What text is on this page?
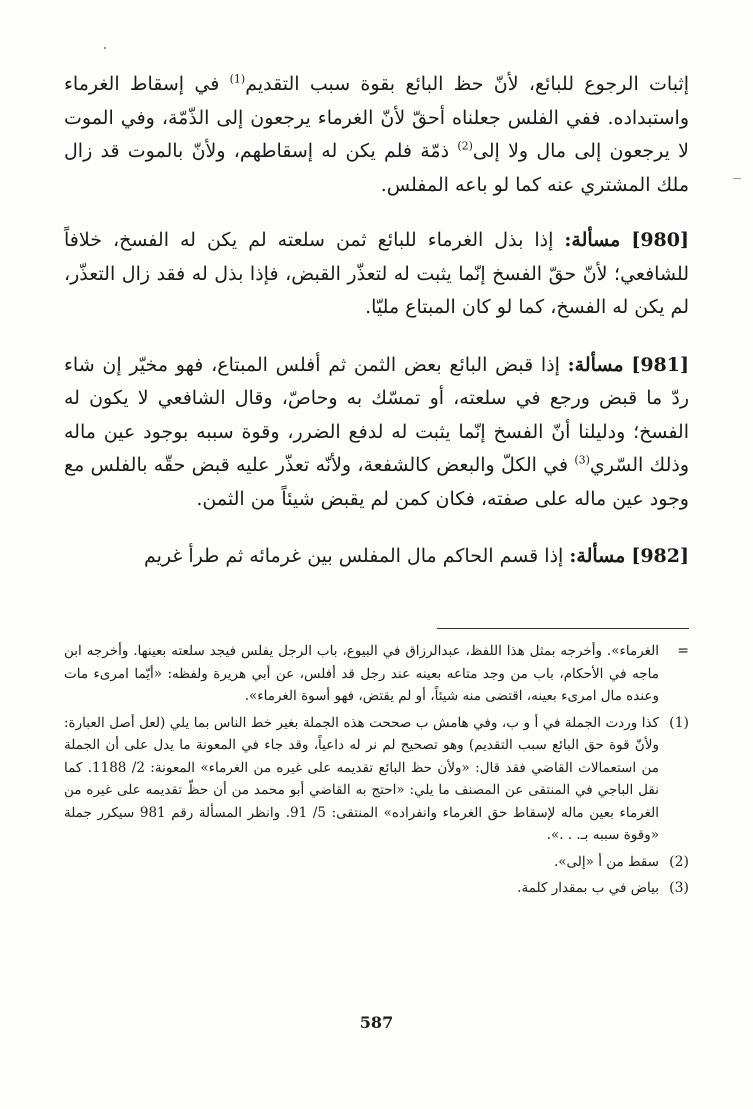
إثبات الرجوع للبائع، لأنّ حظ البائع بقوة سبب التقديم$^{(1)}$ في إسقاط الغرماء واستبداده. ففي الفلس جعلناه أحقّ لأنّ الغرماء يرجعون إلى الذّمّة، وفي الموت لا يرجعون إلى مال ولا إلى$^{(2)}$ ذمّة فلم يكن له إسقاطهم، ولأنّ بالموت قد زال ملك المشتري عنه كما لو باعه المفلس.

[980] مسألة: إذا بذل الغرماء للبائع ثمن سلعته لم يكن له الفسخ، خلافاً للشافعي؛ لأنّ حقّ الفسخ إنّما يثبت له لتعذّر القبض، فإذا بذل له فقد زال التعذّر، لم يكن له الفسخ، كما لو كان المبتاع مليّا.

[981] مسألة: إذا قبض البائع بعض الثمن ثم أفلس المبتاع، فهو مخيّر إن شاء ردّ ما قبض ورجع في سلعته، أو تمسّك به وحاصّ، وقال الشافعي لا يكون له الفسخ؛ ودليلنا أنّ الفسخ إنّما يثبت له لدفع الضرر، وقوة سببه بوجود عين ماله وذلك السّري$^{(3)}$ في الكلّ والبعض كالشفعة، ولأنّه تعذّر عليه قبض حقّه بالفلس مع وجود عين ماله على صفته، فكان كمن لم يقبض شيئاً من الثمن.

[982] مسألة: إذا قسم الحاكم مال المفلس بين غرمائه ثم طرأ غريم

=
الغرماء». وأخرجه بمثل هذا اللفظ، عبدالرزاق في البيوع، باب الرجل يفلس فيجد سلعته بعينها. وأخرجه ابن ماجه في الأحكام، باب من وجد متاعه بعينه عند رجل قد أفلس، عن أبي هريرة ولفظه: «أيّما امرىء مات وعنده مال امرىء بعينه، اقتضى منه شيئاً، أو لم يقتض، فهو أسوة الغرماء».
(1)
كذا وردت الجملة في أ و ب، وفي هامش ب صححت هذه الجملة بغير خط الناس بما يلي (لعل أصل العبارة: ولأنّ قوة حق البائع سبب التقديم) وهو تصحيح لم نر له داعياً، وقد جاء في المعونة ما يدل على أن الجملة من استعمالات القاضي فقد قال: «ولأن حظ البائع تقديمه على غيره من الغرماء» المعونة: 2/ 1188. كما نقل الباجي في المنتقى عن المصنف ما يلي: «احتج به القاضي أبو محمد من أن حظّ تقديمه على غيره من الغرماء بعين ماله لإسقاط حق الغرماء وانفراده» المنتقى: 5/ 91. وانظر المسألة رقم 981 سيكرر جملة «وقوة سببه بـ. . .».
(2)
سقط من أ «إلى».
(3)
بياض في ب بمقدار كلمة.
587
